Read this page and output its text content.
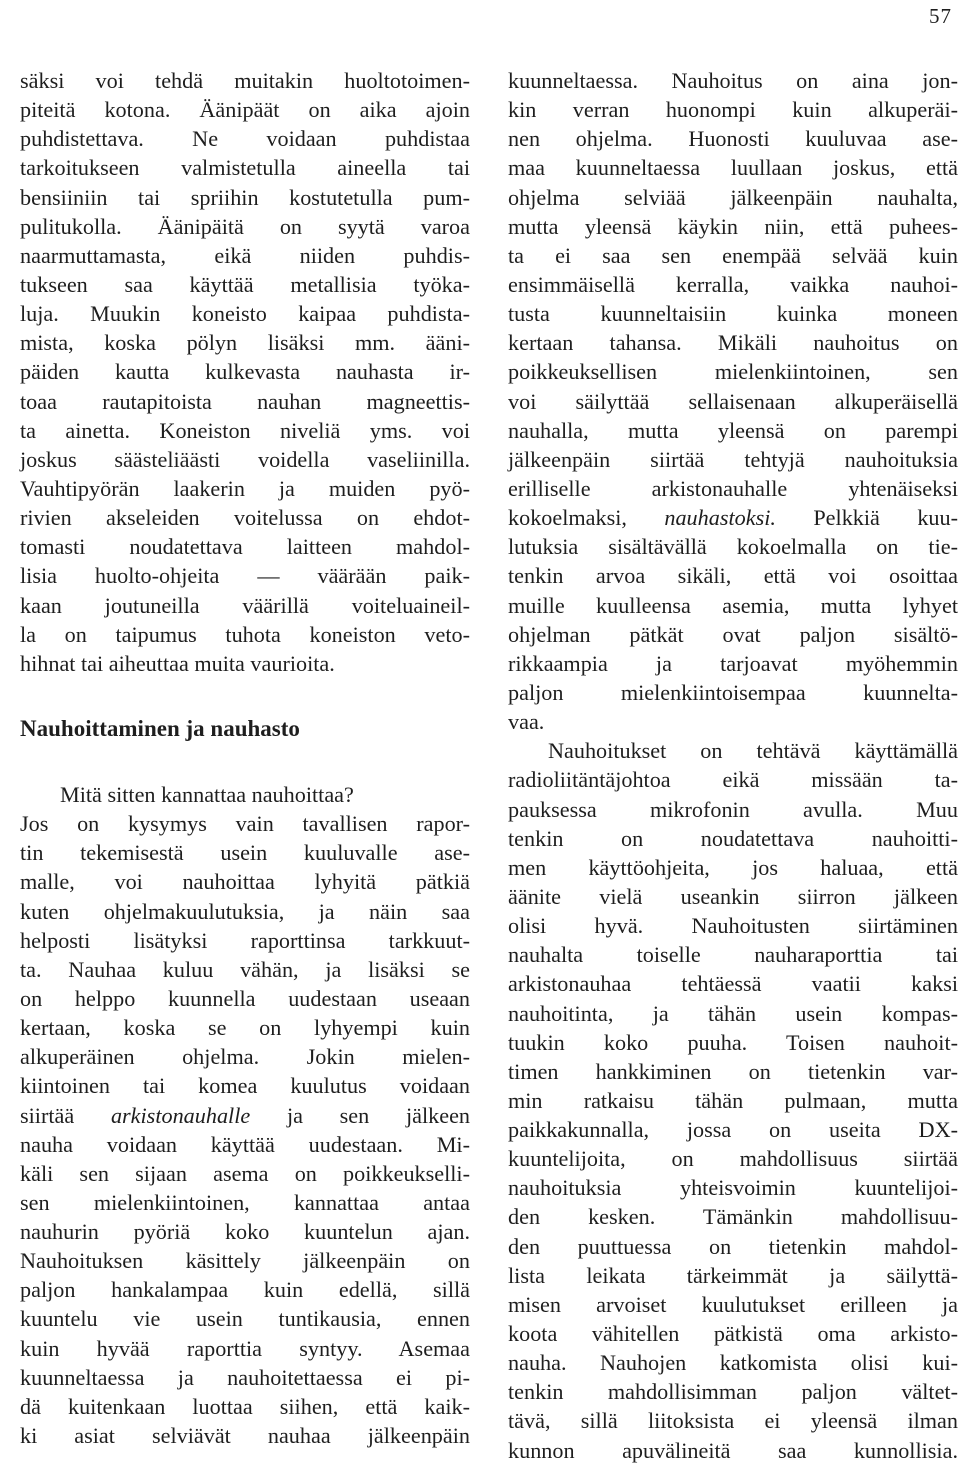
57
säksi voi tehdä muitakin huoltotoimen-
piteitä kotona. Äänipäät on aika ajoin
puhdistettava. Ne voidaan puhdistaa
tarkoitukseen valmistetulla aineella tai
bensiiniin tai spriihin kostutetulla pum-
pulitukolla. Äänipäitä on syytä varoa
naarmuttamasta, eikä niiden puhdis-
tukseen saa käyttää metallisia työka-
luja. Muukin koneisto kaipaa puhdista-
mista, koska pölyn lisäksi mm. ääni-
päiden kautta kulkevasta nauhasta ir-
toaa rautapitoista nauhan magneettis-
ta ainetta. Koneiston niveliä yms. voi
joskus säästeliäästi voidella vaseliinilla.
Vauhtipyörän laakerin ja muiden pyö-
rivien akseleiden voitelussa on ehdot-
tomasti noudatettava laitteen mahdol-
lisia huolto-ohjeita — väärään paik-
kaan joutuneilla väärillä voiteluaineil-
la on taipumus tuhota koneiston veto-
hihnat tai aiheuttaa muita vaurioita.
Nauhoittaminen ja nauhasto
Mitä sitten kannattaa nauhoittaa?
Jos on kysymys vain tavallisen rapor-
tin tekemisestä usein kuuluvalle ase-
malle, voi nauhoittaa lyhyitä pätkiä
kuten ohjelmakuulutuksia, ja näin saa
helposti lisätyksi raporttinsa tarkkuut-
ta. Nauhaa kuluu vähän, ja lisäksi se
on helppo kuunnella uudestaan useaan
kertaan, koska se on lyhyempi kuin
alkuperäinen ohjelma. Jokin mielen-
kiintoinen tai komea kuulutus voidaan
siirtää arkistonauhalle ja sen jälkeen
nauha voidaan käyttää uudestaan. Mi-
käli sen sijaan asema on poikkeukselli-
sen mielenkiintoinen, kannattaa antaa
nauhurin pyöriä koko kuuntelun ajan.
Nauhoituksen käsittely jälkeenpäin on
paljon hankalampaa kuin edellä, sillä
kuuntelu vie usein tuntikausia, ennen
kuin hyvää raporttia syntyy. Asemaa
kuunneltaessa ja nauhoitettaessa ei pi-
dä kuitenkaan luottaa siihen, että kaik-
ki asiat selviävät nauhaa jälkeenpäin
kuunneltaessa. Nauhoitus on aina jon-
kin verran huonompi kuin alkuperäi-
nen ohjelma. Huonosti kuuluvaa ase-
maa kuunneltaessa luullaan joskus, että
ohjelma selviää jälkeenpäin nauhalta,
mutta yleensä käykin niin, että puhees-
ta ei saa sen enempää selvää kuin
ensimmäisellä kerralla, vaikka nauhoi-
tusta kuunneltaisiin kuinka moneen
kertaan tahansa. Mikäli nauhoitus on
poikkeuksellisen mielenkiintoinen, sen
voi säilyttää sellaisenaan alkuperäisellä
nauhalla, mutta yleensä on parempi
jälkeenpäin siirtää tehtyjä nauhoituksia
erilliselle arkistonauhalle yhtenäiseksi
kokoelmaksi, nauhastoksi. Pelkkiä kuu-
lutuksia sisältävällä kokoelmalla on tie-
tenkin arvoa sikäli, että voi osoittaa
muille kuulleensa asemia, mutta lyhyet
ohjelman pätkät ovat paljon sisältö-
rikkaampia ja tarjoavat myöhemmin
paljon mielenkiintoisempaa kuunnelta-
vaa.
Nauhoitukset on tehtävä käyttämällä
radioliitäntäjohtoa eikä missään ta-
pauksessa mikrofonin avulla. Muu
tenkin on noudatettava nauhoitti-
men käyttöohjeita, jos haluaa, että
äänite vielä useankin siirron jälkeen
olisi hyvä. Nauhoitusten siirtäminen
nauhalta toiselle nauharaporttia tai
arkistonauhaa tehtäessä vaatii kaksi
nauhoitinta, ja tähän usein kompas-
tuukin koko puuha. Toisen nauhoit-
timen hankkiminen on tietenkin var-
min ratkaisu tähän pulmaan, mutta
paikkakunnalla, jossa on useita DX-
kuuntelijoita, on mahdollisuus siirtää
nauhoituksia yhteisvoimin kuuntelijoi-
den kesken. Tämänkin mahdollisuu-
den puuttuessa on tietenkin mahdol-
lista leikata tärkeimmät ja säilyttä-
misen arvoiset kuulutukset erilleen ja
koota vähitellen pätkistä oma arkisto-
nauha. Nauhojen katkomista olisi kui-
tenkin mahdollisimman paljon vältet-
tävä, sillä liitoksista ei yleensä ilman
kunnon apuvälineitä saa kunnollisia.
